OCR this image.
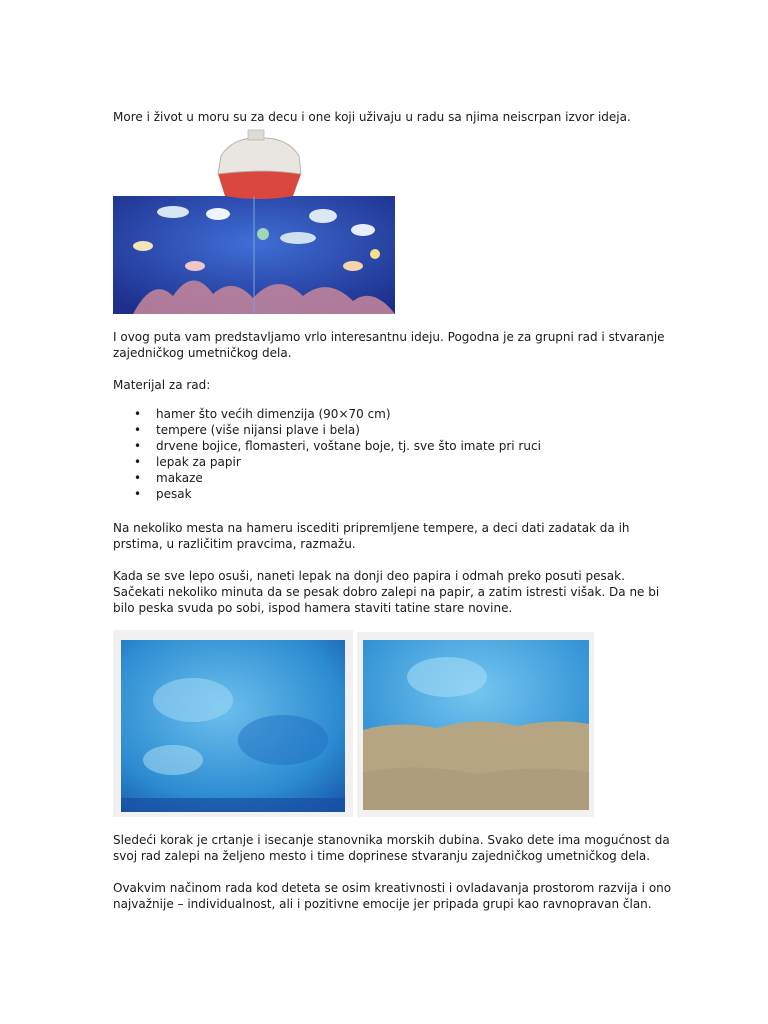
More i život u moru su za decu i one koji uživaju u radu sa njima neiscrpan izvor ideja.

I ovog puta vam predstavljamo vrlo interesantnu ideju. Pogodna je za grupni rad i stvaranje zajedničkog umetničkog dela.

Materijal za rad:

• hamer što većih dimenzija (90×70 cm)
• tempere (više nijansi plave i bela)
• drvene bojice, flomasteri, voštane boje, tj. sve što imate pri ruci
• lepak za papir
• makaze
• pesak

Na nekoliko mesta na hameru iscediti pripremljene tempere, a deci dati zadatak da ih prstima, u različitim pravcima, razmažu.

Kada se sve lepo osuši, naneti lepak na donji deo papira i odmah preko posuti pesak. Sačekati nekoliko minuta da se pesak dobro zalepi na papir, a zatim istresti višak. Da ne bi bilo peska svuda po sobi, ispod hamera staviti tatine stare novine.

Sledeći korak je crtanje i isecanje stanovnika morskih dubina. Svako dete ima mogućnost da svoj rad zalepi na željeno mesto i time doprinese stvaranju zajedničkog umetničkog dela.

Ovakvim načinom rada kod deteta se osim kreativnosti i ovladavanja prostorom razvija i ono najvažnije – individualnost, ali i pozitivne emocije jer pripada grupi kao ravnopravan član.
